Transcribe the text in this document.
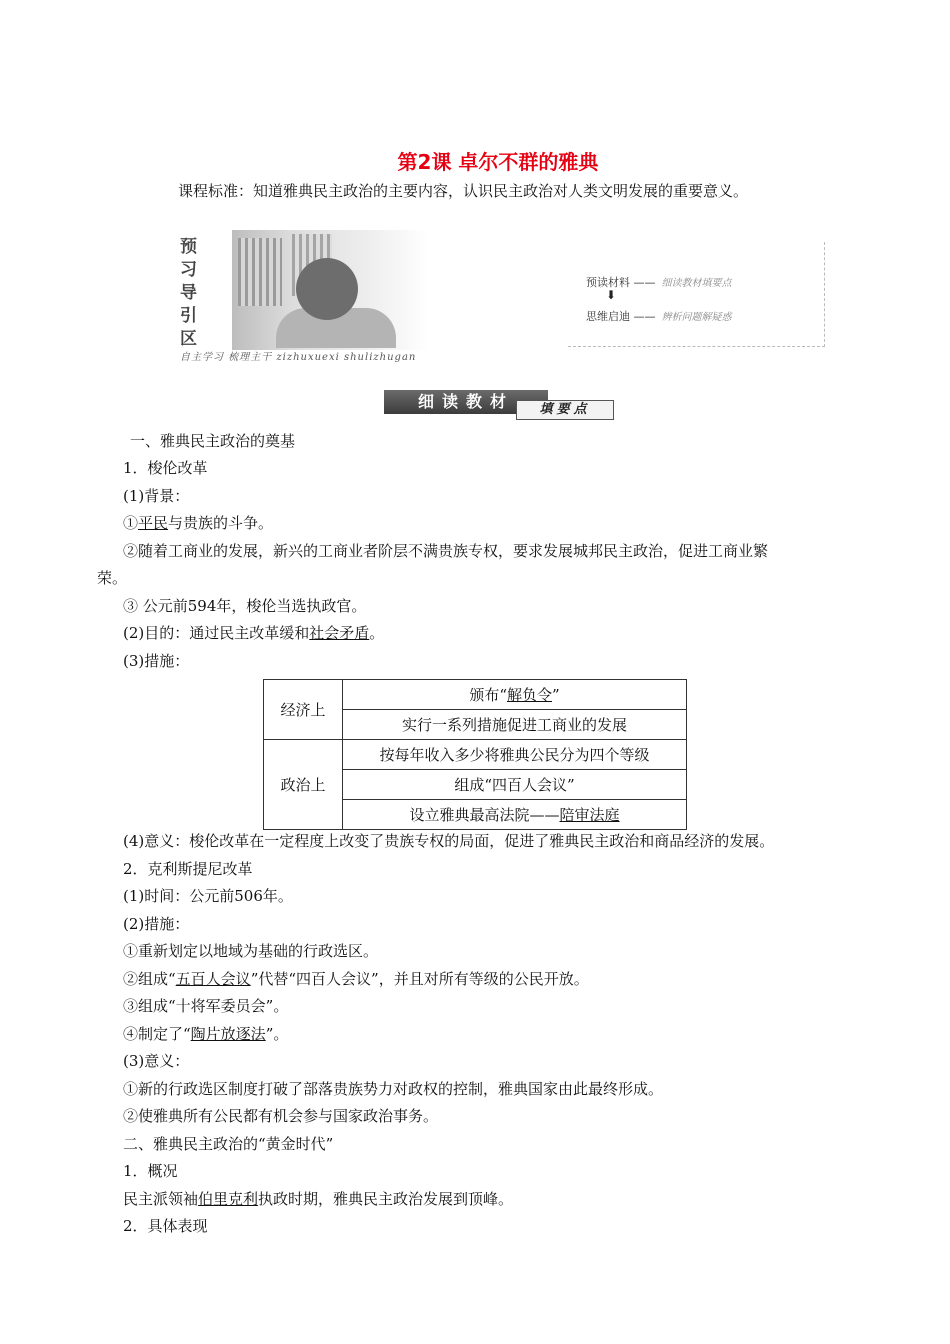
第2课 卓尔不群的雅典
课程标准：知道雅典民主政治的主要内容，认识民主政治对人类文明发展的重要意义。
预习导引区
自主学习 梳理主干 zizhuxuexi shulizhugan
预读材料 —— 细读教材填要点
⬇
思维启迪 —— 辨析问题解疑惑
细读教材	填要点
一、雅典民主政治的奠基
1．梭伦改革
(1)背景：
①平民与贵族的斗争。
②随着工商业的发展，新兴的工商业者阶层不满贵族专权，要求发展城邦民主政治，促进工商业繁
荣。
③ 公元前594年，梭伦当选执政官。
(2)目的：通过民主改革缓和社会矛盾。
(3)措施：
经济上	颁布“解负令”
	实行一系列措施促进工商业的发展
政治上	按每年收入多少将雅典公民分为四个等级
	组成“四百人会议”
	设立雅典最高法院——陪审法庭
(4)意义：梭伦改革在一定程度上改变了贵族专权的局面，促进了雅典民主政治和商品经济的发展。
2．克利斯提尼改革
(1)时间：公元前506年。
(2)措施：
①重新划定以地域为基础的行政选区。
②组成“五百人会议”代替“四百人会议”，并且对所有等级的公民开放。
③组成“十将军委员会”。
④制定了“陶片放逐法”。
(3)意义：
①新的行政选区制度打破了部落贵族势力对政权的控制，雅典国家由此最终形成。
②使雅典所有公民都有机会参与国家政治事务。
二、雅典民主政治的“黄金时代”
1．概况
民主派领袖伯里克利执政时期，雅典民主政治发展到顶峰。
2．具体表现
